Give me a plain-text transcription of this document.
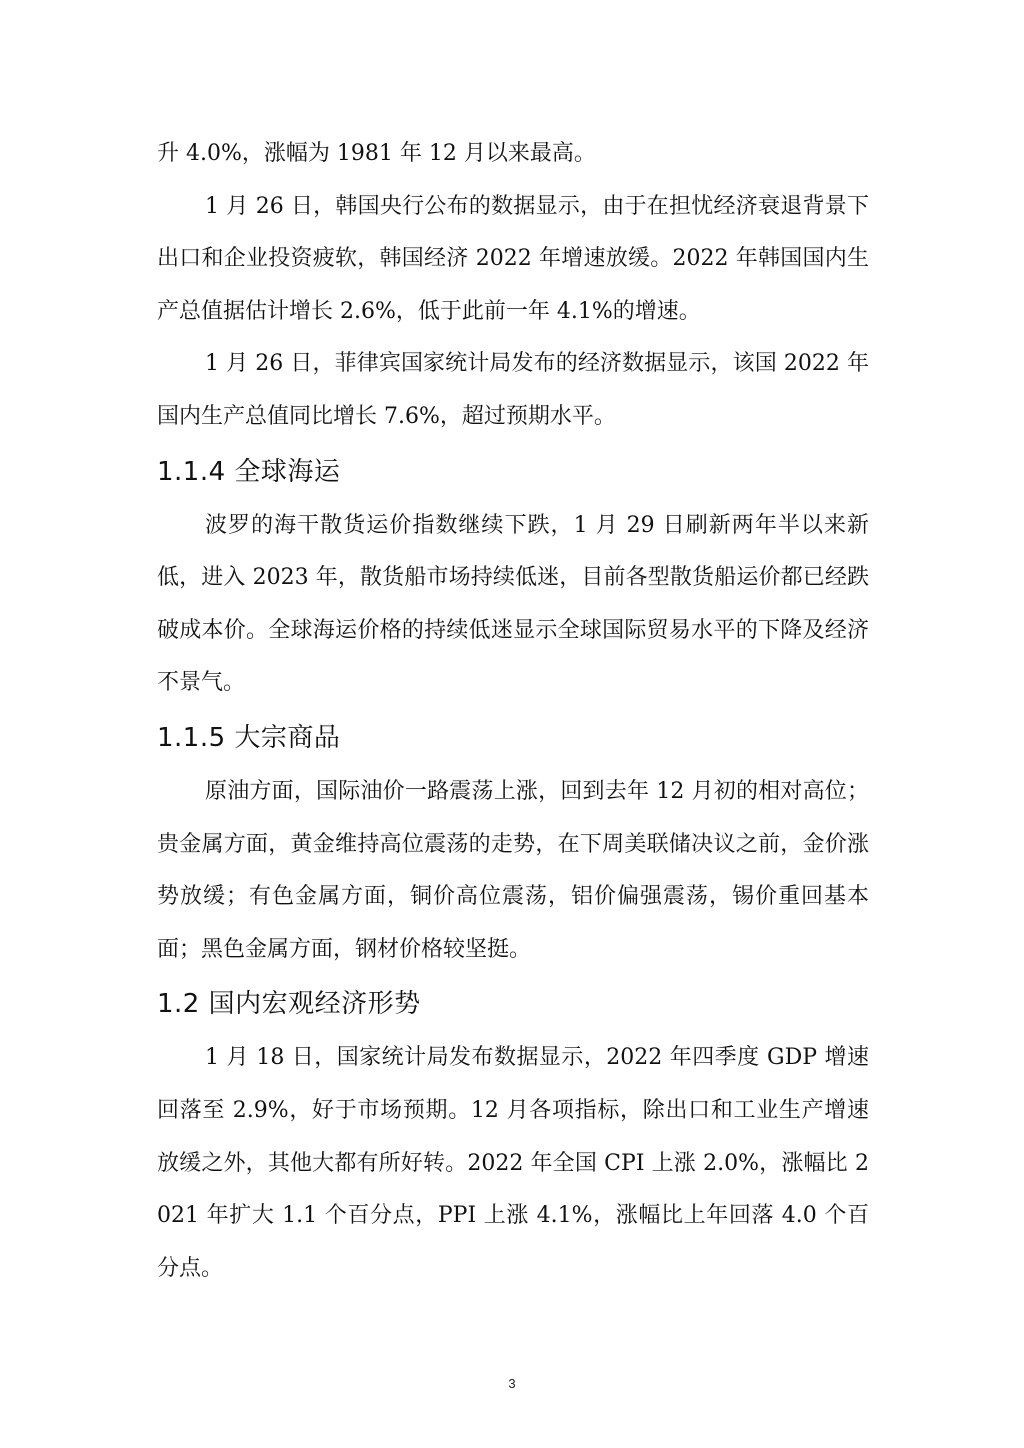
升 4.0%，涨幅为 1981 年 12 月以来最高。

1 月 26 日，韩国央行公布的数据显示，由于在担忧经济衰退背景下出口和企业投资疲软，韩国经济 2022 年增速放缓。2022 年韩国国内生产总值据估计增长 2.6%，低于此前一年 4.1%的增速。

1 月 26 日，菲律宾国家统计局发布的经济数据显示，该国 2022 年国内生产总值同比增长 7.6%，超过预期水平。

1.1.4 全球海运

波罗的海干散货运价指数继续下跌，1 月 29 日刷新两年半以来新低，进入 2023 年，散货船市场持续低迷，目前各型散货船运价都已经跌破成本价。全球海运价格的持续低迷显示全球国际贸易水平的下降及经济不景气。

1.1.5 大宗商品

原油方面，国际油价一路震荡上涨，回到去年 12 月初的相对高位；贵金属方面，黄金维持高位震荡的走势，在下周美联储决议之前，金价涨势放缓；有色金属方面，铜价高位震荡，铝价偏强震荡，锡价重回基本面；黑色金属方面，钢材价格较坚挺。

1.2 国内宏观经济形势

1 月 18 日，国家统计局发布数据显示，2022 年四季度 GDP 增速回落至 2.9%，好于市场预期。12 月各项指标，除出口和工业生产增速放缓之外，其他大都有所好转。2022 年全国 CPI 上涨 2.0%，涨幅比 2021 年扩大 1.1 个百分点，PPI 上涨 4.1%，涨幅比上年回落 4.0 个百分点。

3
